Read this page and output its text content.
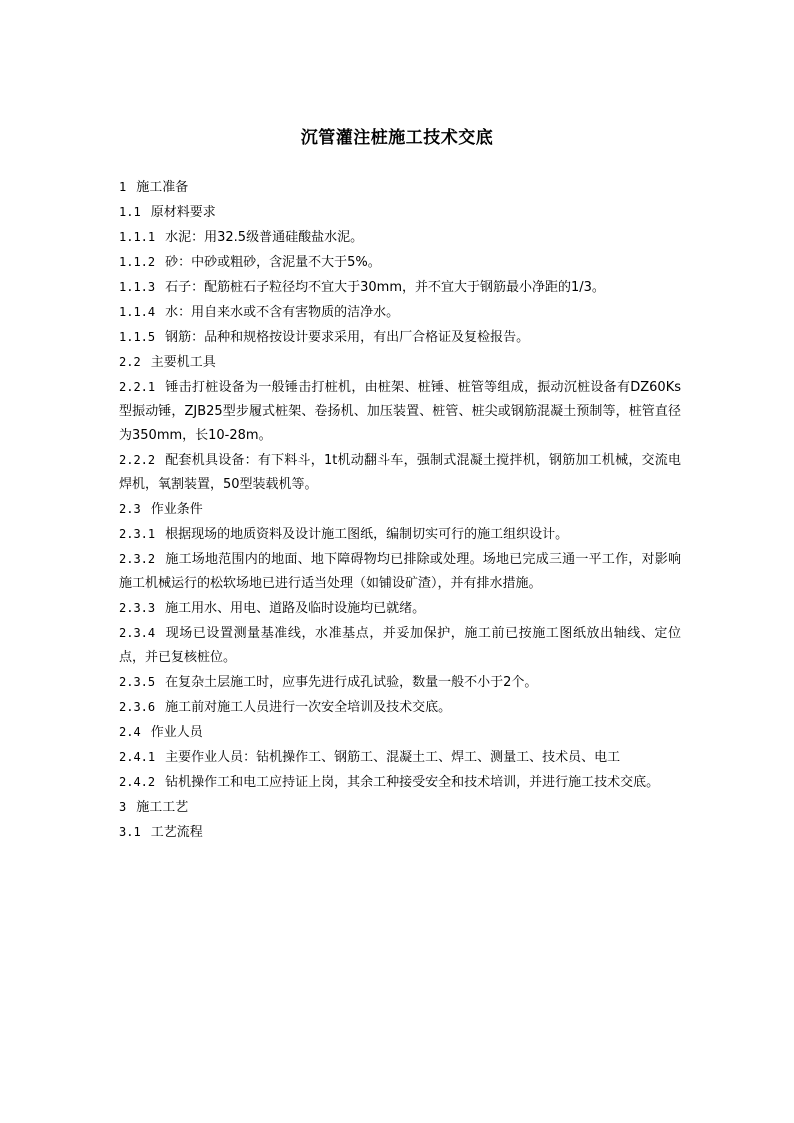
沉管灌注桩施工技术交底

1 施工准备

1.1 原材料要求

1.1.1 水泥：用32.5级普通硅酸盐水泥。

1.1.2 砂：中砂或粗砂，含泥量不大于5%。

1.1.3 石子：配筋桩石子粒径均不宜大于30mm，并不宜大于钢筋最小净距的1/3。

1.1.4 水：用自来水或不含有害物质的洁净水。

1.1.5 钢筋：品种和规格按设计要求采用，有出厂合格证及复检报告。

2.2 主要机工具

2.2.1 锤击打桩设备为一般锤击打桩机，由桩架、桩锤、桩管等组成，振动沉桩设备有DZ60Ks型振动锤，ZJB25型步履式桩架、卷扬机、加压装置、桩管、桩尖或钢筋混凝土预制等，桩管直径为350mm，长10-28m。

2.2.2 配套机具设备：有下料斗，1t机动翻斗车，强制式混凝土搅拌机，钢筋加工机械，交流电焊机，氧割装置，50型装载机等。

2.3 作业条件

2.3.1 根据现场的地质资料及设计施工图纸，编制切实可行的施工组织设计。

2.3.2 施工场地范围内的地面、地下障碍物均已排除或处理。场地已完成三通一平工作，对影响施工机械运行的松软场地已进行适当处理（如铺设矿渣），并有排水措施。

2.3.3 施工用水、用电、道路及临时设施均已就绪。

2.3.4 现场已设置测量基准线，水准基点，并妥加保护，施工前已按施工图纸放出轴线、定位点，并已复核桩位。

2.3.5 在复杂土层施工时，应事先进行成孔试验，数量一般不小于2个。

2.3.6 施工前对施工人员进行一次安全培训及技术交底。

2.4 作业人员

2.4.1 主要作业人员：钻机操作工、钢筋工、混凝土工、焊工、测量工、技术员、电工

2.4.2 钻机操作工和电工应持证上岗，其余工种接受安全和技术培训，并进行施工技术交底。

3 施工工艺

3.1 工艺流程
